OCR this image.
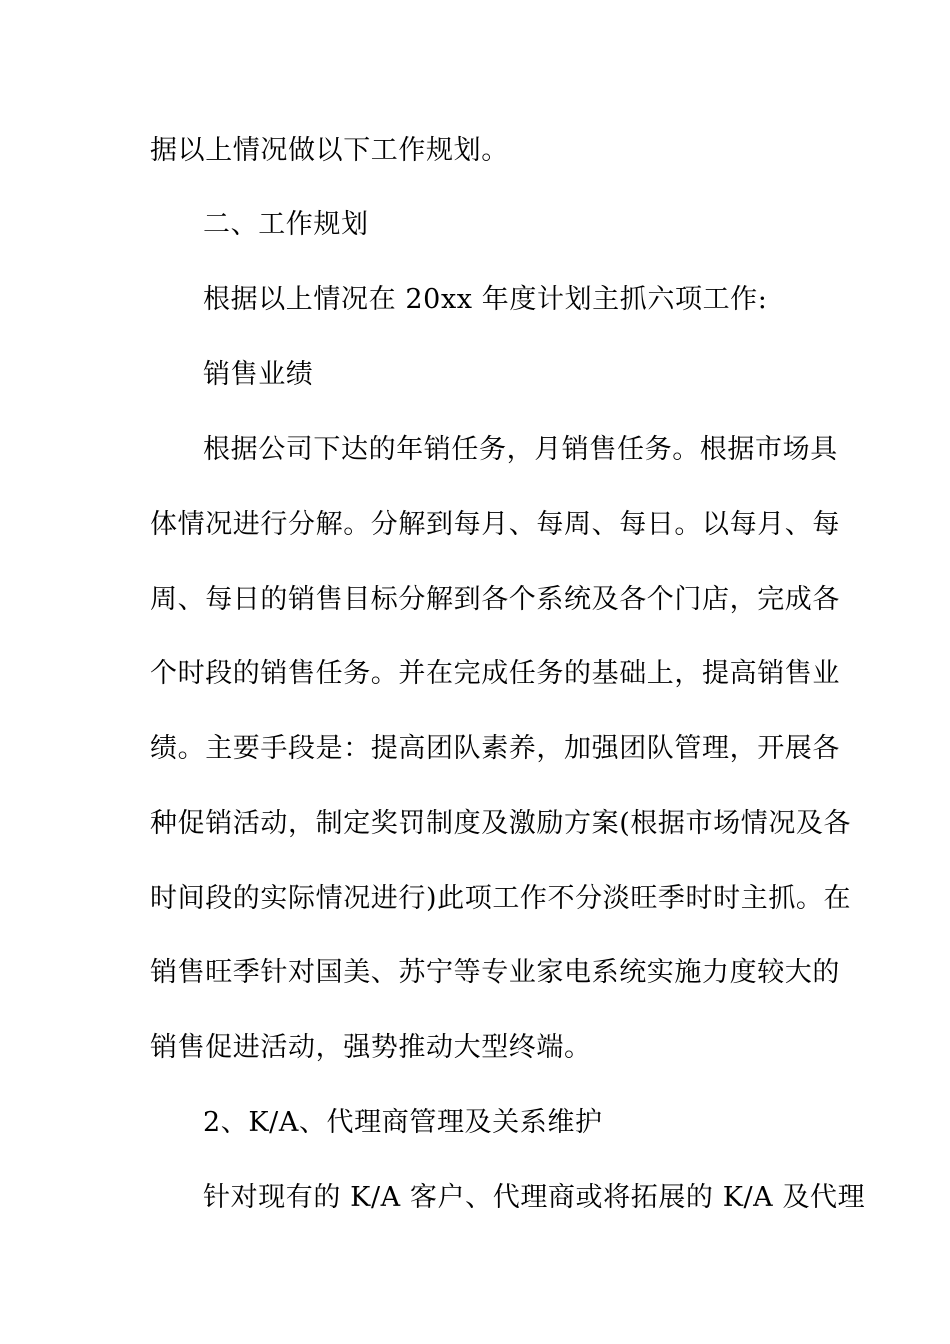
据以上情况做以下工作规划。
二、工作规划
根据以上情况在 20xx 年度计划主抓六项工作:
销售业绩
根据公司下达的年销任务，月销售任务。根据市场具
体情况进行分解。分解到每月、每周、每日。以每月、每
周、每日的销售目标分解到各个系统及各个门店，完成各
个时段的销售任务。并在完成任务的基础上，提高销售业
绩。主要手段是：提高团队素养，加强团队管理，开展各
种促销活动，制定奖罚制度及激励方案(根据市场情况及各
时间段的实际情况进行)此项工作不分淡旺季时时主抓。在
销售旺季针对国美、苏宁等专业家电系统实施力度较大的
销售促进活动，强势推动大型终端。
2、K/A、代理商管理及关系维护
针对现有的 K/A 客户、代理商或将拓展的 K/A 及代理
